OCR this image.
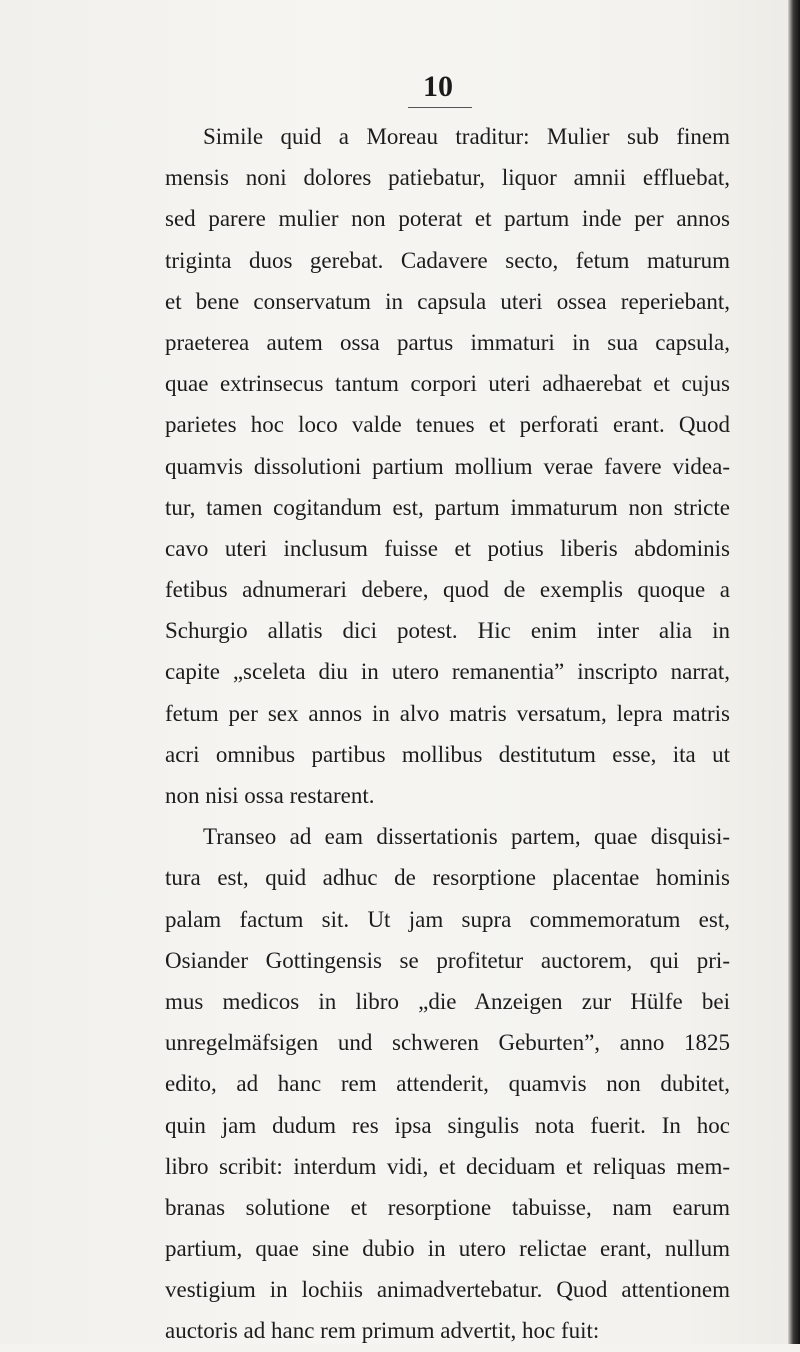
10
Simile quid a Moreau traditur: Mulier sub finem
mensis noni dolores patiebatur, liquor amnii effluebat,
sed parere mulier non poterat et partum inde per annos
triginta duos gerebat. Cadavere secto, fetum maturum
et bene conservatum in capsula uteri ossea reperiebant,
praeterea autem ossa partus immaturi in sua capsula,
quae extrinsecus tantum corpori uteri adhaerebat et cujus
parietes hoc loco valde tenues et perforati erant. Quod
quamvis dissolutioni partium mollium verae favere videa-
tur, tamen cogitandum est, partum immaturum non stricte
cavo uteri inclusum fuisse et potius liberis abdominis
fetibus adnumerari debere, quod de exemplis quoque a
Schurgio allatis dici potest. Hic enim inter alia in
capite „sceleta diu in utero remanentia” inscripto narrat,
fetum per sex annos in alvo matris versatum, lepra matris
acri omnibus partibus mollibus destitutum esse, ita ut
non nisi ossa restarent.
Transeo ad eam dissertationis partem, quae disquisi-
tura est, quid adhuc de resorptione placentae hominis
palam factum sit. Ut jam supra commemoratum est,
Osiander Gottingensis se profitetur auctorem, qui pri-
mus medicos in libro „die Anzeigen zur Hülfe bei
unregelmäfsigen und schweren Geburten”, anno 1825
edito, ad hanc rem attenderit, quamvis non dubitet,
quin jam dudum res ipsa singulis nota fuerit. In hoc
libro scribit: interdum vidi, et deciduam et reliquas mem-
branas solutione et resorptione tabuisse, nam earum
partium, quae sine dubio in utero relictae erant, nullum
vestigium in lochiis animadvertebatur. Quod attentionem
auctoris ad hanc rem primum advertit, hoc fuit:
